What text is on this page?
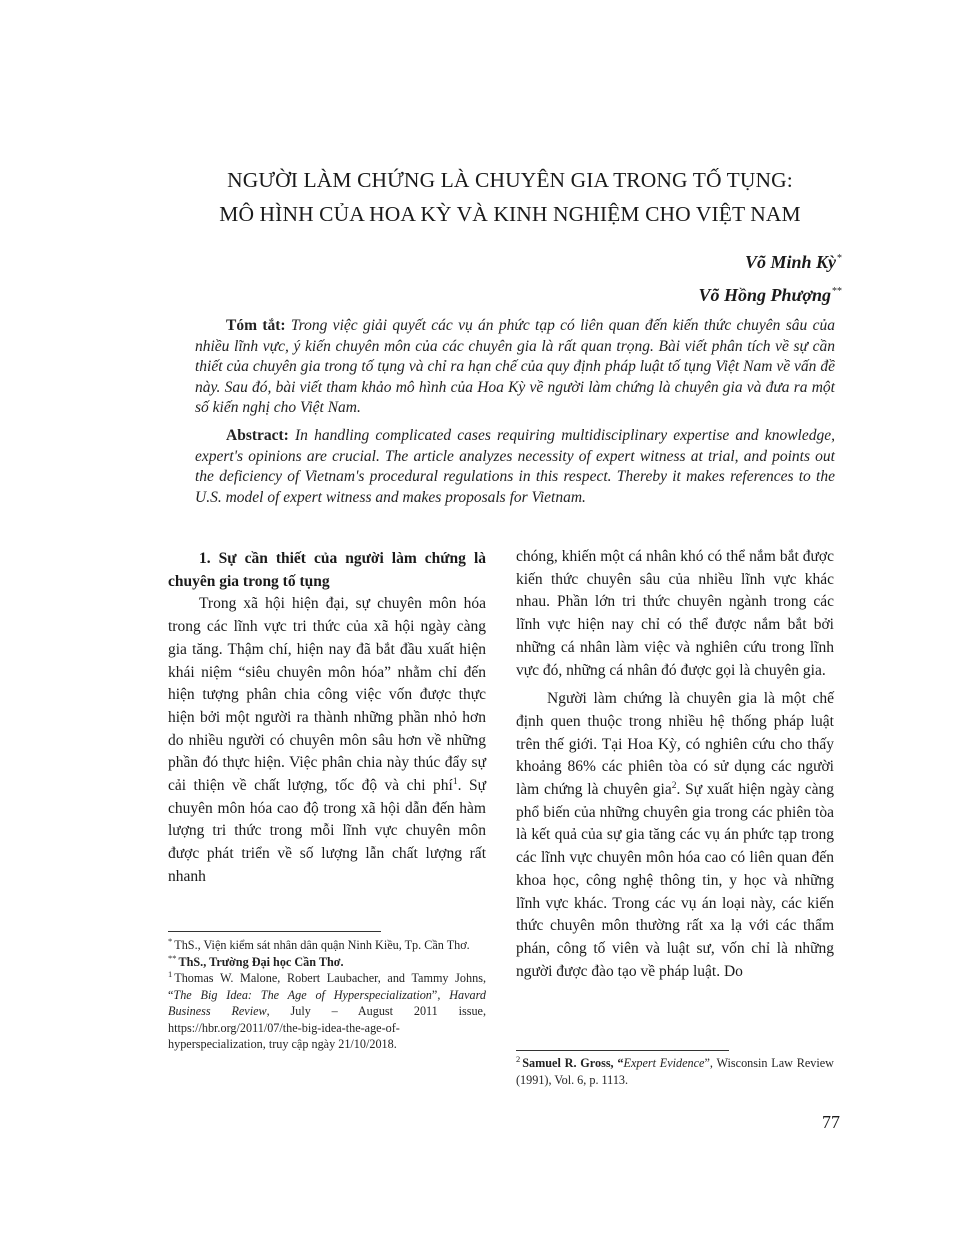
NGƯỜI LÀM CHỨNG LÀ CHUYÊN GIA TRONG TỐ TỤNG:
MÔ HÌNH CỦA HOA KỲ VÀ KINH NGHIỆM CHO VIỆT NAM
Võ Minh Kỳ*
Võ Hồng Phượng**

Tóm tắt: Trong việc giải quyết các vụ án phức tạp có liên quan đến kiến thức chuyên sâu của nhiều lĩnh vực, ý kiến chuyên môn của các chuyên gia là rất quan trọng. Bài viết phân tích về sự cần thiết của chuyên gia trong tố tụng và chỉ ra hạn chế của quy định pháp luật tố tụng Việt Nam về vấn đề này. Sau đó, bài viết tham khảo mô hình của Hoa Kỳ về người làm chứng là chuyên gia và đưa ra một số kiến nghị cho Việt Nam.

Abstract: In handling complicated cases requiring multidisciplinary expertise and knowledge, expert's opinions are crucial. The article analyzes necessity of expert witness at trial, and points out the deficiency of Vietnam's procedural regulations in this respect. Thereby it makes references to the U.S. model of expert witness and makes proposals for Vietnam.

1. Sự cần thiết của người làm chứng là chuyên gia trong tố tụng

Trong xã hội hiện đại, sự chuyên môn hóa trong các lĩnh vực tri thức của xã hội ngày càng gia tăng. Thậm chí, hiện nay đã bắt đầu xuất hiện khái niệm “siêu chuyên môn hóa” nhằm chỉ đến hiện tượng phân chia công việc vốn được thực hiện bởi một người ra thành những phần nhỏ hơn do nhiều người có chuyên môn sâu hơn về những phần đó thực hiện. Việc phân chia này thúc đẩy sự cải thiện về chất lượng, tốc độ và chi phí$^1$. Sự chuyên môn hóa cao độ trong xã hội dẫn đến hàm lượng tri thức trong mỗi lĩnh vực chuyên môn được phát triển về số lượng lẫn chất lượng rất nhanh

chóng, khiến một cá nhân khó có thể nắm bắt được kiến thức chuyên sâu của nhiều lĩnh vực khác nhau. Phần lớn tri thức chuyên ngành trong các lĩnh vực hiện nay chỉ có thể được nắm bắt bởi những cá nhân làm việc và nghiên cứu trong lĩnh vực đó, những cá nhân đó được gọi là chuyên gia.

Người làm chứng là chuyên gia là một chế định quen thuộc trong nhiều hệ thống pháp luật trên thế giới. Tại Hoa Kỳ, có nghiên cứu cho thấy khoảng 86% các phiên tòa có sử dụng các người làm chứng là chuyên gia$^2$. Sự xuất hiện ngày càng phổ biến của những chuyên gia trong các phiên tòa là kết quả của sự gia tăng các vụ án phức tạp trong các lĩnh vực chuyên môn hóa cao có liên quan đến khoa học, công nghệ thông tin, y học và những lĩnh vực khác. Trong các vụ án loại này, các kiến thức chuyên môn thường rất xa lạ với các thẩm phán, công tố viên và luật sư, vốn chỉ là những người được đào tạo về pháp luật. Do

* ThS., Viện kiểm sát nhân dân quận Ninh Kiều, Tp. Cần Thơ.

** ThS., Trường Đại học Cần Thơ.

$^1$ Thomas W. Malone, Robert Laubacher, and Tammy Johns, “The Big Idea: The Age of Hyperspecialization”, Havard Business Review, July – August 2011 issue, https://hbr.org/2011/07/the-big-idea-the-age-of-hyperspecialization, truy cập ngày 21/10/2018.

$^2$ Samuel R. Gross, “Expert Evidence”, Wisconsin Law Review (1991), Vol. 6, p. 1113.

77
